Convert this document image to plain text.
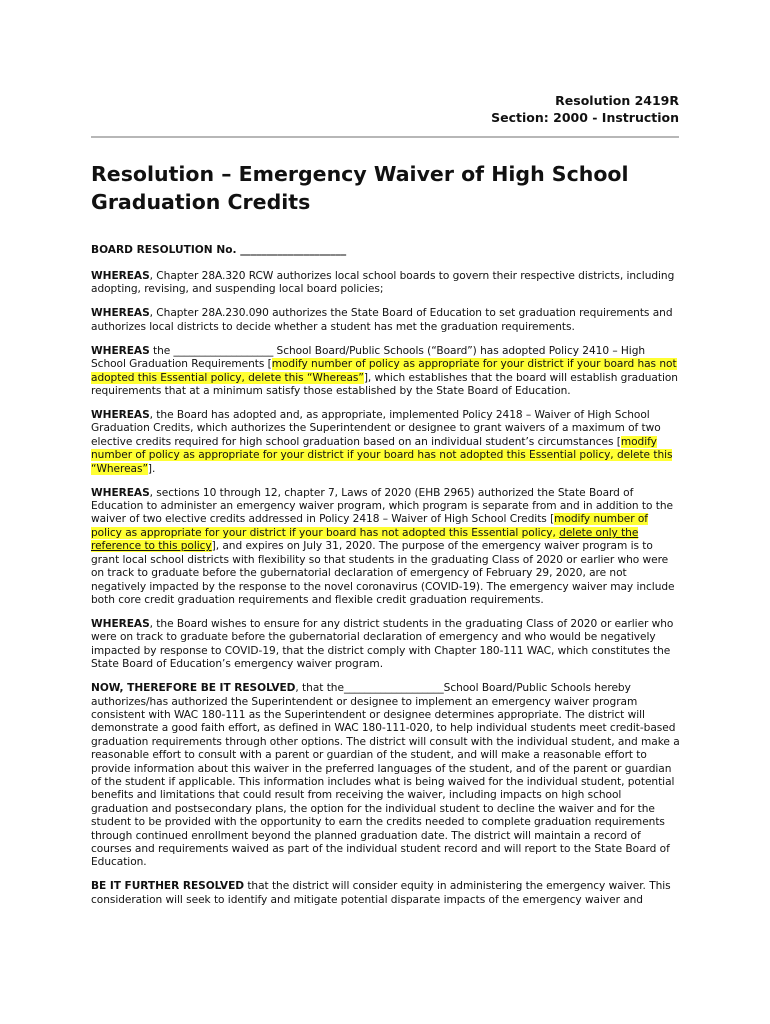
Resolution 2419R
Section: 2000 - Instruction
Resolution – Emergency Waiver of High School
Graduation Credits

BOARD RESOLUTION No. ____________________

WHEREAS, Chapter 28A.320 RCW authorizes local school boards to govern their respective districts, including adopting, revising, and suspending local board policies;

WHEREAS, Chapter 28A.230.090 authorizes the State Board of Education to set graduation requirements and authorizes local districts to decide whether a student has met the graduation requirements.

WHEREAS the ___________________ School Board/Public Schools (“Board”) has adopted Policy 2410 – High School Graduation Requirements [modify number of policy as appropriate for your district if your board has not adopted this Essential policy, delete this “Whereas”], which establishes that the board will establish graduation requirements that at a minimum satisfy those established by the State Board of Education.

WHEREAS, the Board has adopted and, as appropriate, implemented Policy 2418 – Waiver of High School Graduation Credits, which authorizes the Superintendent or designee to grant waivers of a maximum of two elective credits required for high school graduation based on an individual student’s circumstances [modify number of policy as appropriate for your district if your board has not adopted this Essential policy, delete this “Whereas”].

WHEREAS, sections 10 through 12, chapter 7, Laws of 2020 (EHB 2965) authorized the State Board of Education to administer an emergency waiver program, which program is separate from and in addition to the waiver of two elective credits addressed in Policy 2418 – Waiver of High School Credits [modify number of policy as appropriate for your district if your board has not adopted this Essential policy, delete only the reference to this policy], and expires on July 31, 2020. The purpose of the emergency waiver program is to grant local school districts with flexibility so that students in the graduating Class of 2020 or earlier who were on track to graduate before the gubernatorial declaration of emergency of February 29, 2020, are not negatively impacted by the response to the novel coronavirus (COVID-19). The emergency waiver may include both core credit graduation requirements and flexible credit graduation requirements.

WHEREAS, the Board wishes to ensure for any district students in the graduating Class of 2020 or earlier who were on track to graduate before the gubernatorial declaration of emergency and who would be negatively impacted by response to COVID-19, that the district comply with Chapter 180-111 WAC, which constitutes the State Board of Education’s emergency waiver program.

NOW, THEREFORE BE IT RESOLVED, that the___________________School Board/Public Schools hereby authorizes/has authorized the Superintendent or designee to implement an emergency waiver program consistent with WAC 180-111 as the Superintendent or designee determines appropriate. The district will demonstrate a good faith effort, as defined in WAC 180-111-020, to help individual students meet credit-based graduation requirements through other options. The district will consult with the individual student, and make a reasonable effort to consult with a parent or guardian of the student, and will make a reasonable effort to provide information about this waiver in the preferred languages of the student, and of the parent or guardian of the student if applicable. This information includes what is being waived for the individual student, potential benefits and limitations that could result from receiving the waiver, including impacts on high school graduation and postsecondary plans, the option for the individual student to decline the waiver and for the student to be provided with the opportunity to earn the credits needed to complete graduation requirements through continued enrollment beyond the planned graduation date. The district will maintain a record of courses and requirements waived as part of the individual student record and will report to the State Board of Education.

BE IT FURTHER RESOLVED that the district will consider equity in administering the emergency waiver. This consideration will seek to identify and mitigate potential disparate impacts of the emergency waiver and
